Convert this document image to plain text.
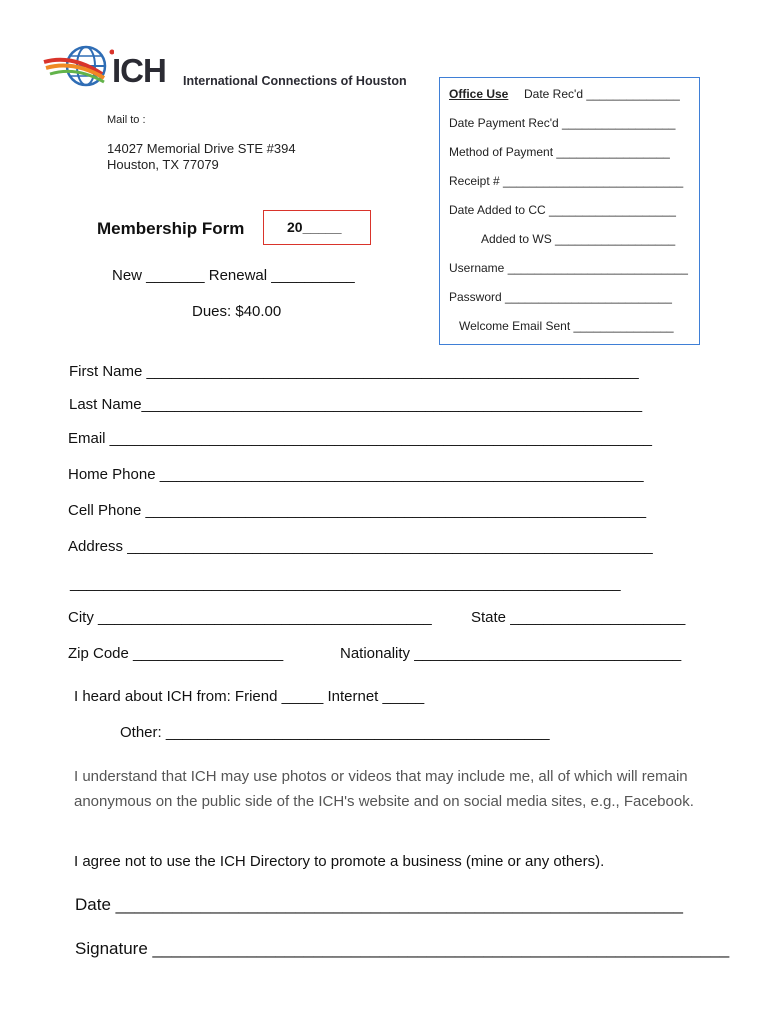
ICH International Connections of Houston
Mail to :
14027 Memorial Drive STE #394
Houston, TX 77079
Office Use Date Rec'd ______________
Date Payment Rec'd _________________
Method of Payment _________________
Receipt # ___________________________
Date Added to CC ___________________
Added to WS __________________
Username ___________________________
Password _________________________
Welcome Email Sent _______________
Membership Form	20_____
New _______ Renewal __________
Dues: $40.00
First Name ___________________________________________________________
Last Name____________________________________________________________
Email _________________________________________________________________
Home Phone __________________________________________________________
Cell Phone ____________________________________________________________
Address _______________________________________________________________
__________________________________________________________________
City ________________________________________	State _____________________
Zip Code __________________	Nationality ________________________________
I heard about ICH from: Friend _____ Internet _____
Other: ______________________________________________
I understand that ICH may use photos or videos that may include me, all of which will remain anonymous on the public side of the ICH's website and on social media sites, e.g., Facebook.
I agree not to use the ICH Directory to promote a business (mine or any others).
Date ____________________________________________________________
Signature _____________________________________________________________
